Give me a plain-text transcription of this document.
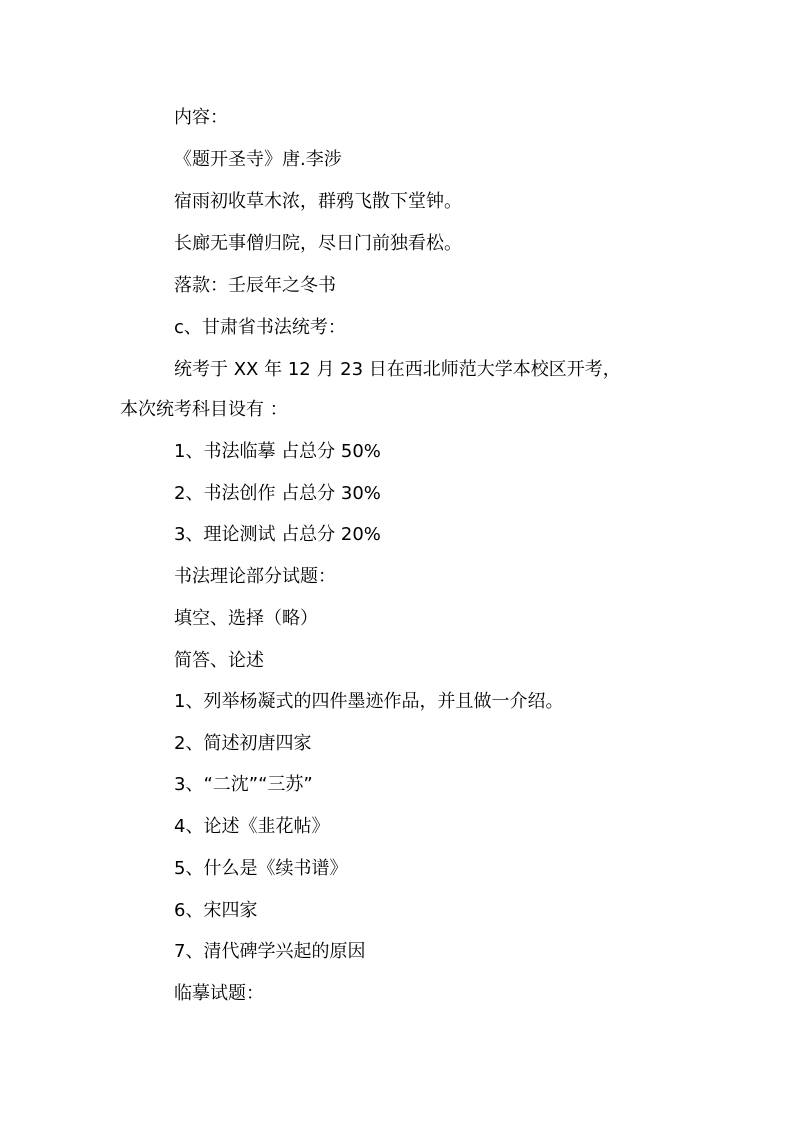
内容：
《题开圣寺》唐.李涉
宿雨初收草木浓，群鸦飞散下堂钟。
长廊无事僧归院，尽日门前独看松。
落款：壬辰年之冬书
c、甘肃省书法统考：
统考于 XX 年 12 月 23 日在西北师范大学本校区开考，
本次统考科目设有 ：
1、书法临摹 占总分 50%
2、书法创作 占总分 30%
3、理论测试 占总分 20%
书法理论部分试题：
填空、选择（略）
简答、论述
1、列举杨凝式的四件墨迹作品，并且做一介绍。
2、简述初唐四家
3、“二沈”“三苏”
4、论述《韭花帖》
5、什么是《续书谱》
6、宋四家
7、清代碑学兴起的原因
临摹试题：
